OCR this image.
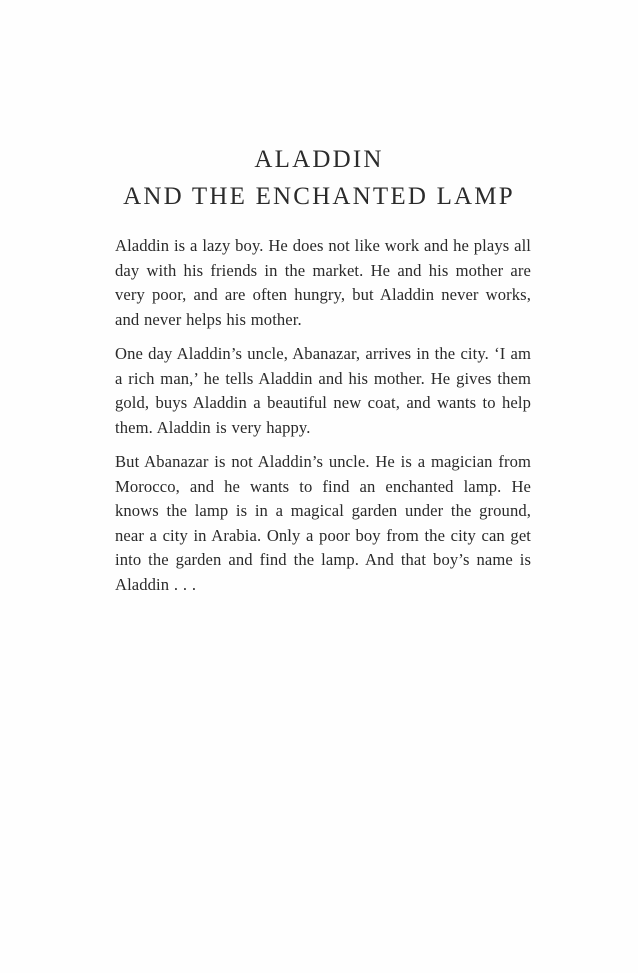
ALADDIN
AND THE ENCHANTED LAMP

Aladdin is a lazy boy. He does not like work and he plays all day with his friends in the market. He and his mother are very poor, and are often hungry, but Aladdin never works, and never helps his mother.

One day Aladdin’s uncle, Abanazar, arrives in the city. ‘I am a rich man,’ he tells Aladdin and his mother. He gives them gold, buys Aladdin a beautiful new coat, and wants to help them. Aladdin is very happy.

But Abanazar is not Aladdin’s uncle. He is a magician from Morocco, and he wants to find an enchanted lamp. He knows the lamp is in a magical garden under the ground, near a city in Arabia. Only a poor boy from the city can get into the garden and find the lamp. And that boy’s name is Aladdin . . .
